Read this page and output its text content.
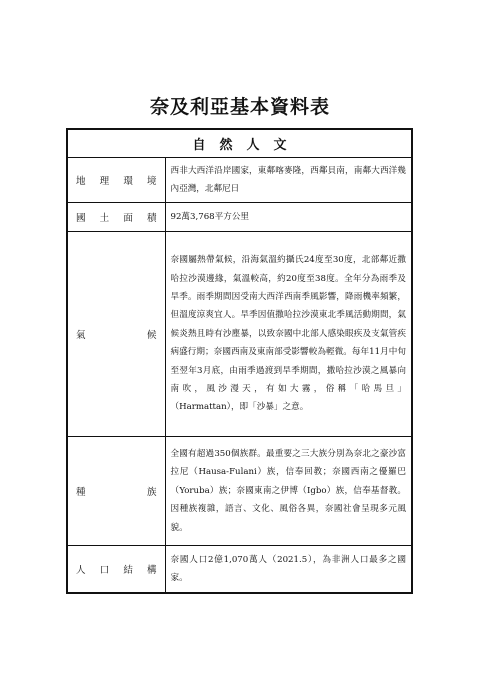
奈及利亞基本資料表
自然人文	

地理環境	西非大西洋沿岸國家，東鄰喀麥隆，西鄰貝南，南鄰大西洋幾內亞灣，北鄰尼日

國土面積	92萬3,768平方公里

氣候	奈國屬熱帶氣候，沿海氣溫約攝氏24度至30度，北部鄰近撒哈拉沙漠邊緣，氣溫較高，約20度至38度。全年分為雨季及旱季。雨季期間因受南大西洋西南季風影響，降雨機率頻繁，但溫度涼爽宜人。旱季因值撒哈拉沙漠東北季風活動期間，氣候炎熱且時有沙塵暴，以致奈國中北部人感染眼疾及支氣管疾病盛行期；奈國西南及東南部受影響較為輕微。每年11月中旬至翌年3月底，由雨季過渡到旱季期間，撒哈拉沙漠之風暴向南吹，風沙漫天，有如大霧，俗稱「哈馬旦」（Harmattan），即「沙暴」之意。

種族	全國有超過350個族群。最重要之三大族分別為奈北之豪沙富拉尼（Hausa-Fulani）族，信奉回教；奈國西南之優羅巴（Yoruba）族；奈國東南之伊博（Igbo）族，信奉基督教。因種族複雜，語言、文化、風俗各異，奈國社會呈現多元風貌。

人口結構	奈國人口2億1,070萬人（2021.5），為非洲人口最多之國家。
